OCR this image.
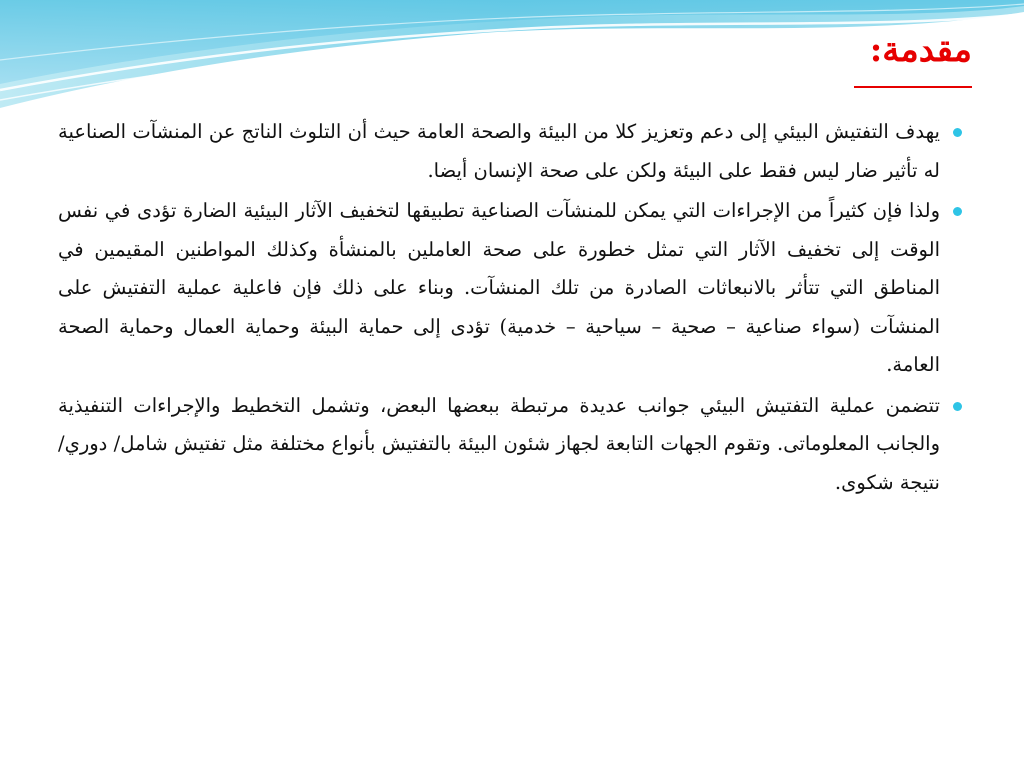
مقدمة:
يهدف التفتيش البيئي إلى دعم وتعزيز كلا من البيئة والصحة العامة حيث أن التلوث الناتج عن المنشآت الصناعية له تأثير ضار ليس فقط على البيئة ولكن على صحة الإنسان أيضا.
ولذا فإن كثيراً من الإجراءات التي يمكن للمنشآت الصناعية تطبيقها لتخفيف الآثار البيئية الضارة تؤدى في نفس الوقت إلى تخفيف الآثار التي تمثل خطورة على صحة العاملين بالمنشأة وكذلك المواطنين المقيمين في المناطق التي تتأثر بالانبعاثات الصادرة من تلك المنشآت. وبناء على ذلك فإن فاعلية عملية التفتيش على المنشآت (سواء صناعية – صحية – سياحية – خدمية) تؤدى إلى حماية البيئة وحماية العمال وحماية الصحة العامة.
تتضمن عملية التفتيش البيئي جوانب عديدة مرتبطة ببعضها البعض، وتشمل التخطيط والإجراءات التنفيذية والجانب المعلوماتى. وتقوم الجهات التابعة لجهاز شئون البيئة بالتفتيش بأنواع مختلفة مثل تفتيش شامل/ دوري/ نتيجة شكوى.
